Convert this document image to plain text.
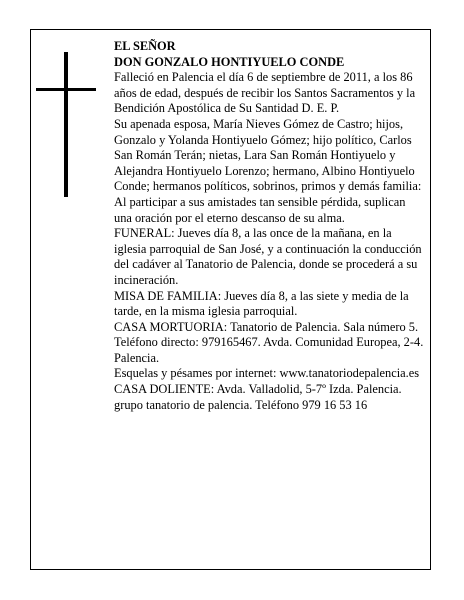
EL SEÑOR

DON GONZALO HONTIYUELO CONDE

Falleció en Palencia el día 6 de septiembre de 2011, a los 86 años de edad, después de recibir los Santos Sacramentos y la Bendición Apostólica de Su Santidad D. E. P.

Su apenada esposa, María Nieves Gómez de Castro; hijos, Gonzalo y Yolanda Hontiyuelo Gómez; hijo político, Carlos San Román Terán; nietas, Lara San Román Hontiyuelo y Alejandra Hontiyuelo Lorenzo; hermano, Albino Hontiyuelo Conde; hermanos políticos, sobrinos, primos y demás familia:

Al participar a sus amistades tan sensible pérdida, suplican una oración por el eterno descanso de su alma.

FUNERAL: Jueves día 8, a las once de la mañana, en la iglesia parroquial de San José, y a continuación la conducción del cadáver al Tanatorio de Palencia, donde se procederá a su incineración.

MISA DE FAMILIA: Jueves día 8, a las siete y media de la tarde, en la misma iglesia parroquial.

CASA MORTUORIA: Tanatorio de Palencia. Sala número 5. Teléfono directo: 979165467. Avda. Comunidad Europea, 2-4. Palencia.

Esquelas y pésames por internet: www.tanatoriodepalencia.es

CASA DOLIENTE: Avda. Valladolid, 5-7º Izda. Palencia.

grupo tanatorio de palencia. Teléfono 979 16 53 16
